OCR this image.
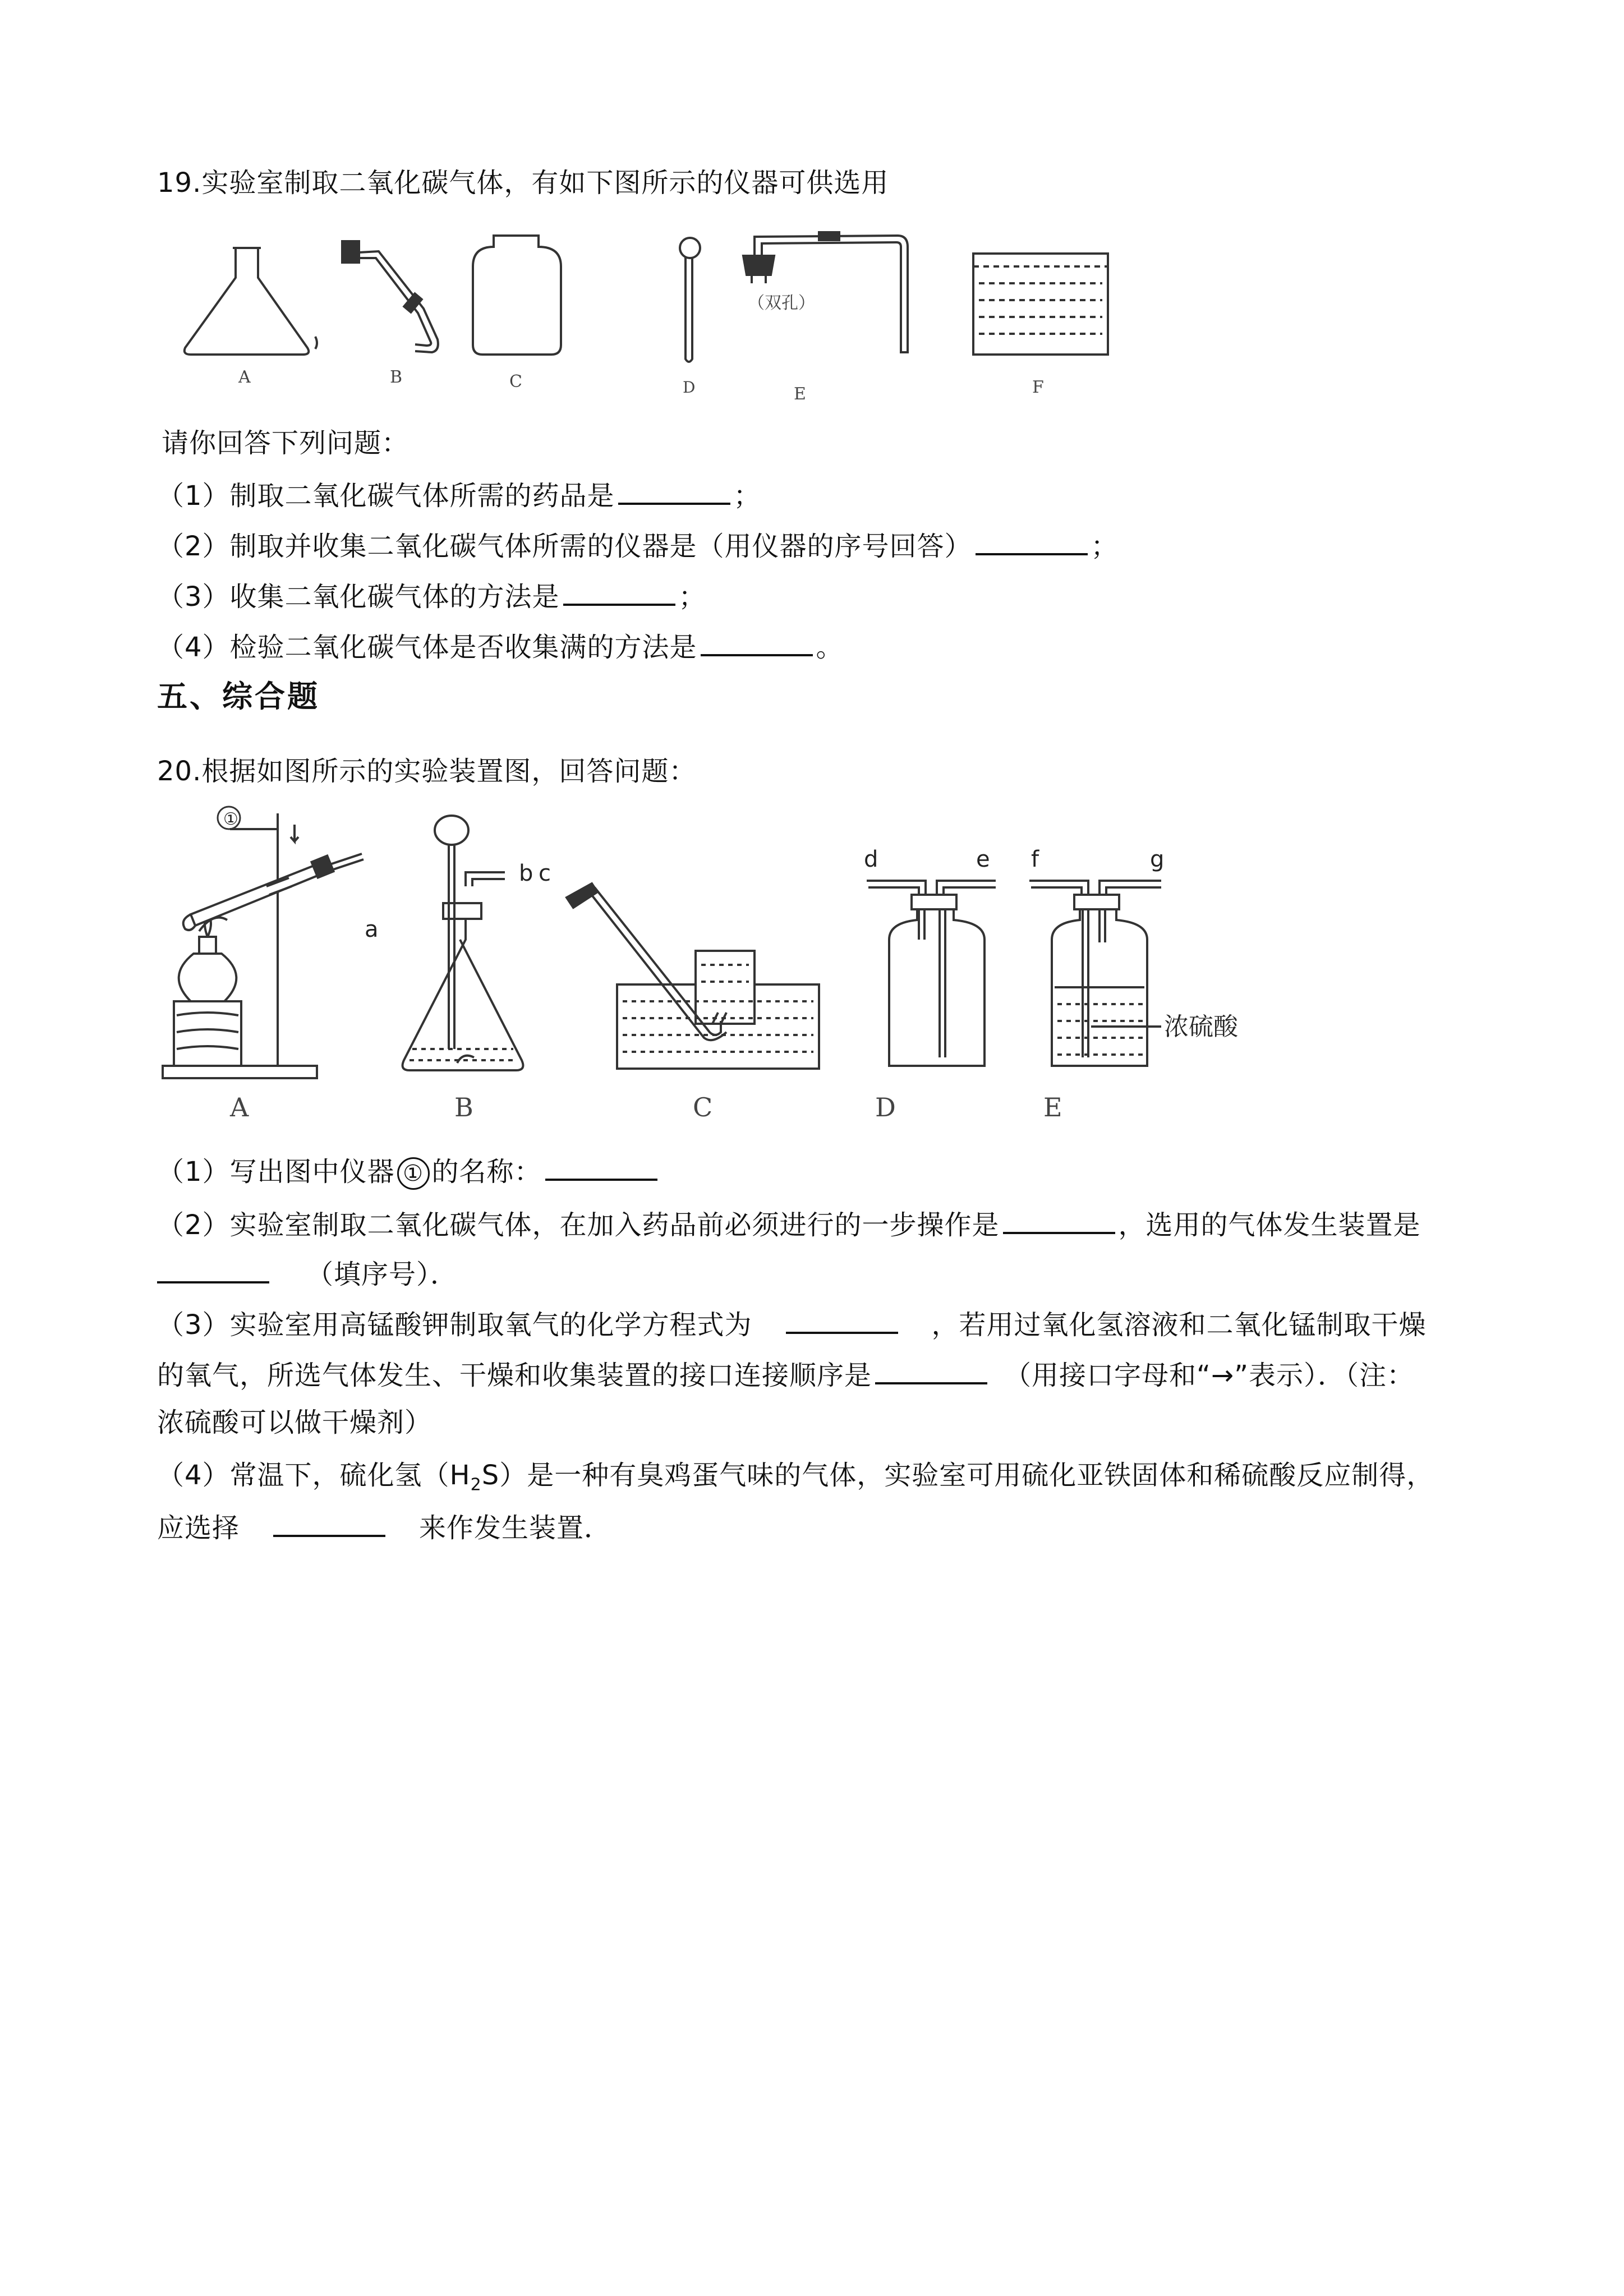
19.实验室制取二氧化碳气体，有如下图所示的仪器可供选用
A	B	C	D
（双孔）
E	F
请你回答下列问题：
（1）制取二氧化碳气体所需的药品是	；
（2）制取并收集二氧化碳气体所需的仪器是（用仪器的序号回答）	；
（3）收集二氧化碳气体的方法是	；
（4）检验二氧化碳气体是否收集满的方法是	。
五、综合题
20.根据如图所示的实验装置图，回答问题：
①
a
A
b c
B	C
d	e
D
f	g
浓硫酸
E
（1）写出图中仪器 ① 的名称：
（2）实验室制取二氧化碳气体，在加入药品前必须进行的一步操作是	，选用的气体发生装置是
（填序号）．
（3）实验室用高锰酸钾制取氧气的化学方程式为	，若用过氧化氢溶液和二氧化锰制取干燥
的氧气，所选气体发生、干燥和收集装置的接口连接顺序是	（用接口字母和“→”表示）．（注：
浓硫酸可以做干燥剂）
（4）常温下，硫化氢$(H_2S)$是一种有臭鸡蛋气味的气体，实验室可用硫化亚铁固体和稀硫酸反应制得，
应选择	来作发生装置．
